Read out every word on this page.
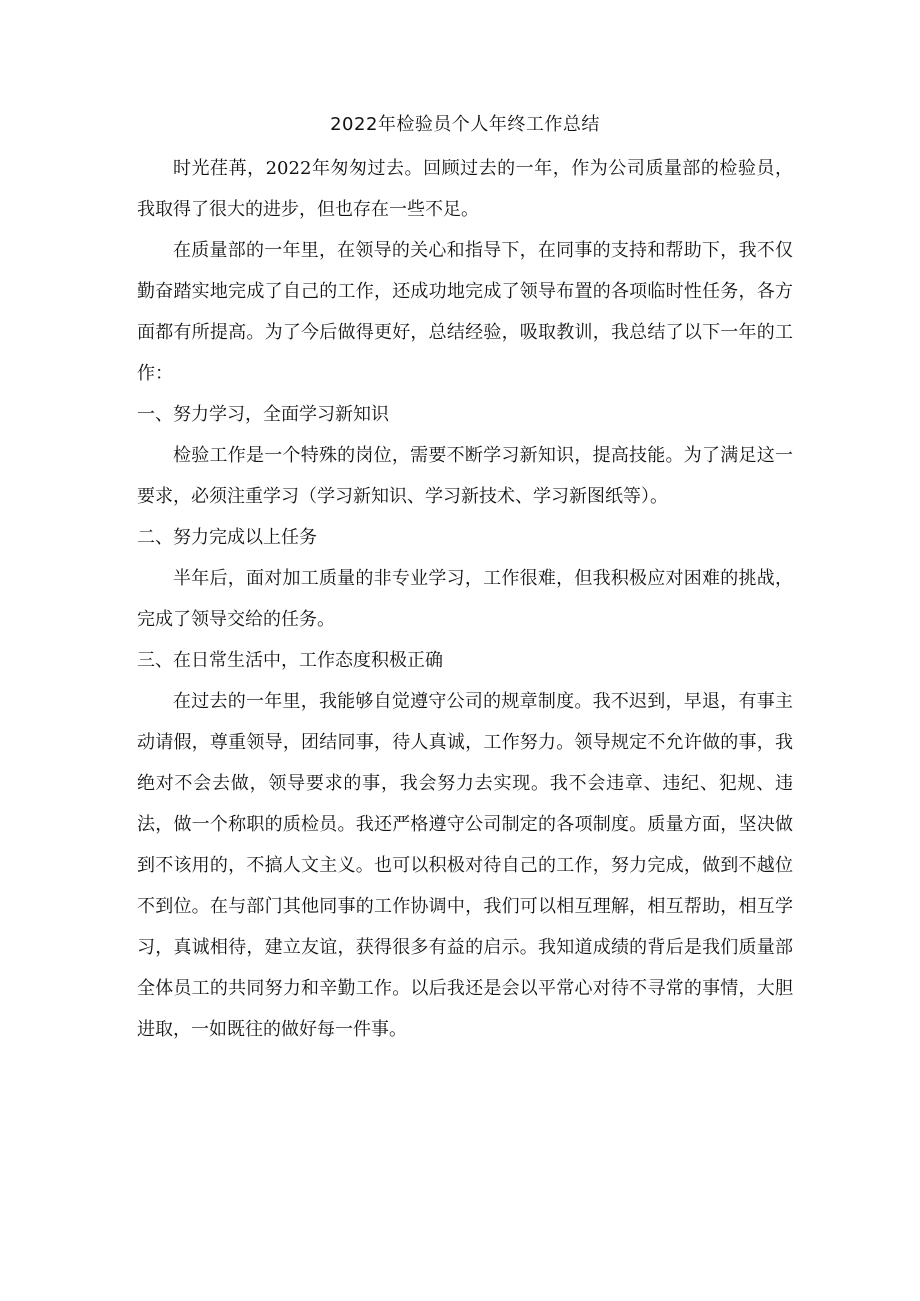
2022年检验员个人年终工作总结

时光荏苒，2022年匆匆过去。回顾过去的一年，作为公司质量部的检验员，我取得了很大的进步，但也存在一些不足。

在质量部的一年里，在领导的关心和指导下，在同事的支持和帮助下，我不仅勤奋踏实地完成了自己的工作，还成功地完成了领导布置的各项临时性任务，各方面都有所提高。为了今后做得更好，总结经验，吸取教训，我总结了以下一年的工作：

一、努力学习，全面学习新知识

检验工作是一个特殊的岗位，需要不断学习新知识，提高技能。为了满足这一要求，必须注重学习（学习新知识、学习新技术、学习新图纸等）。

二、努力完成以上任务

半年后，面对加工质量的非专业学习，工作很难，但我积极应对困难的挑战，完成了领导交给的任务。

三、在日常生活中，工作态度积极正确

在过去的一年里，我能够自觉遵守公司的规章制度。我不迟到，早退，有事主动请假，尊重领导，团结同事，待人真诚，工作努力。领导规定不允许做的事，我绝对不会去做，领导要求的事，我会努力去实现。我不会违章、违纪、犯规、违法，做一个称职的质检员。我还严格遵守公司制定的各项制度。质量方面，坚决做到不该用的，不搞人文主义。也可以积极对待自己的工作，努力完成，做到不越位不到位。在与部门其他同事的工作协调中，我们可以相互理解，相互帮助，相互学习，真诚相待，建立友谊，获得很多有益的启示。我知道成绩的背后是我们质量部全体员工的共同努力和辛勤工作。以后我还是会以平常心对待不寻常的事情，大胆进取，一如既往的做好每一件事。
